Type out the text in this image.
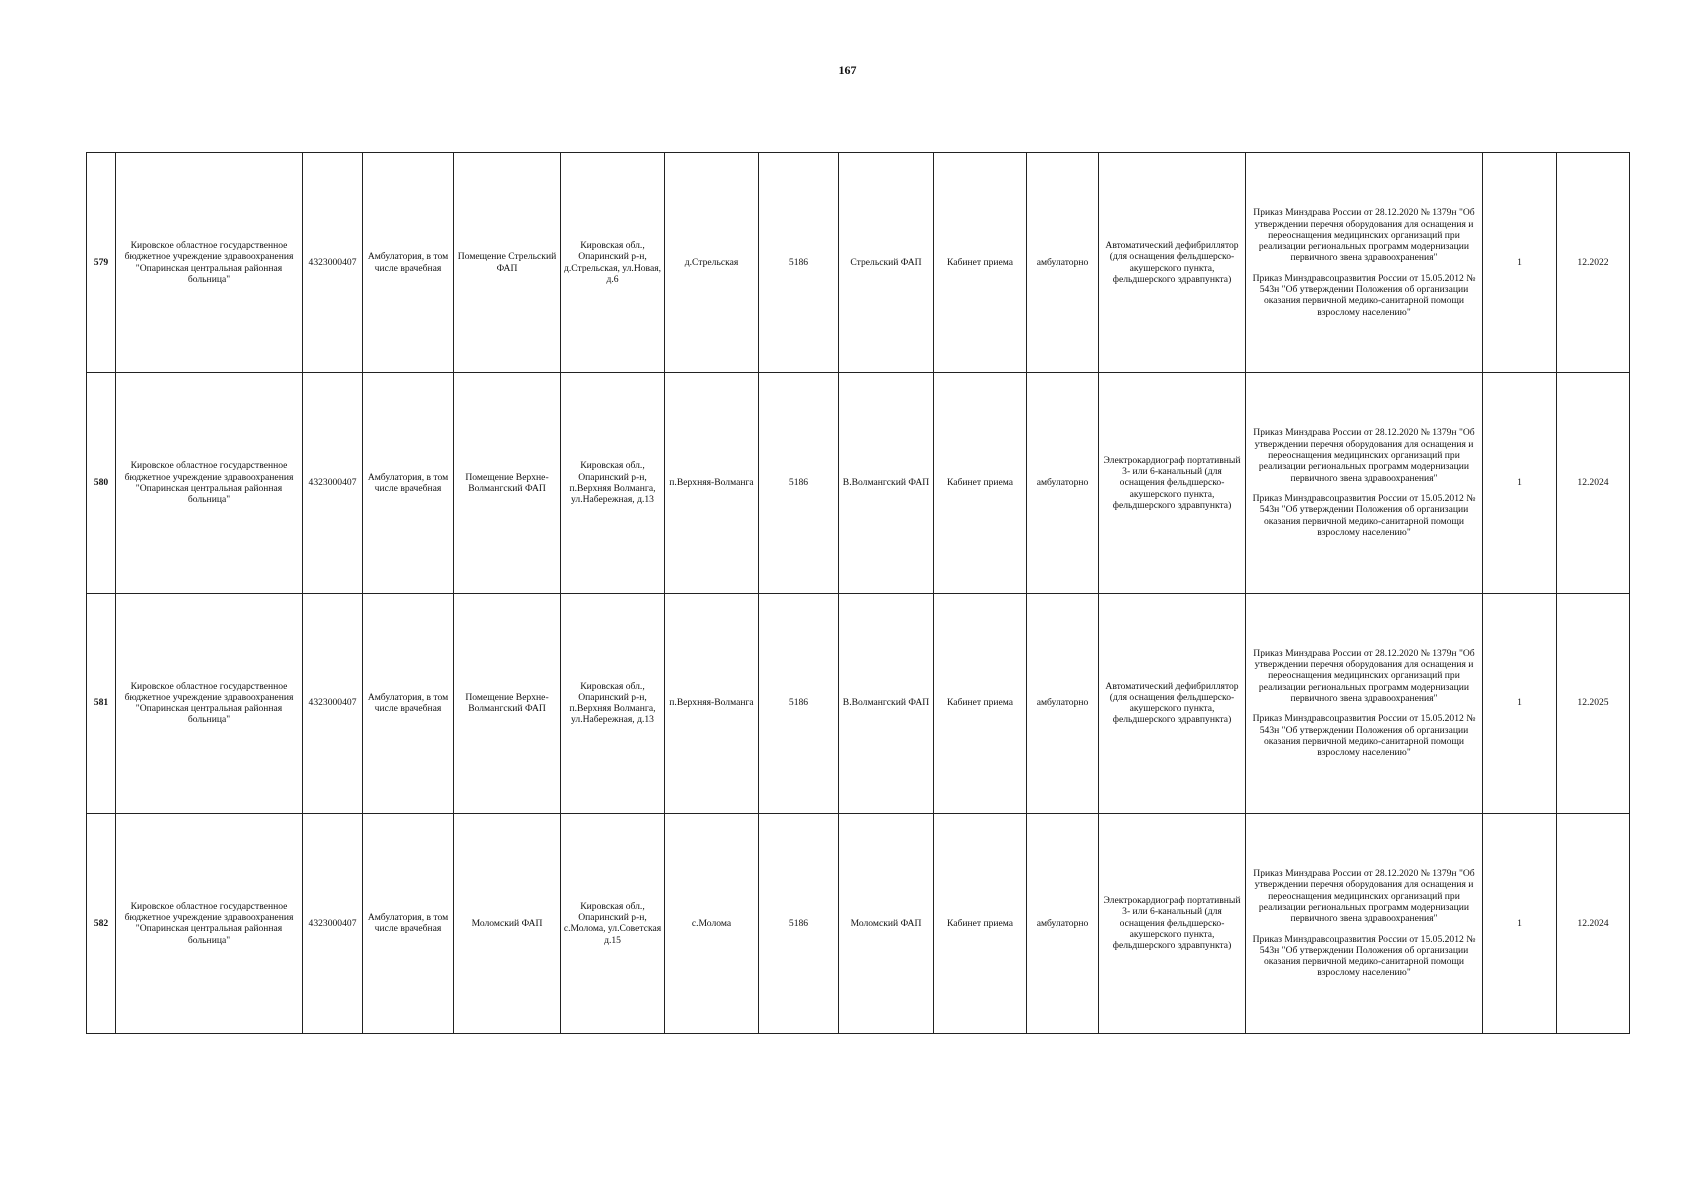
167
579	Кировское областное государственное бюджетное учреждение здравоохранения "Опаринская центральная районная больница"	4323000407	Амбулатория, в том числе врачебная	Помещение Стрельский ФАП	Кировская обл., Опаринский р-н, д.Стрельская, ул.Новая, д.6	д.Стрельская	5186	Стрельский ФАП	Кабинет приема	амбулаторно	Автоматический дефибриллятор (для оснащения фельдшерско-акушерского пункта, фельдшерского здравпункта)	Приказ Минздрава России от 28.12.2020 № 1379н "Об утверждении перечня оборудования для оснащения и переоснащения медицинских организаций при реализации региональных программ модернизации первичного звена здравоохранения"
Приказ Минздравсоцразвития России от 15.05.2012 № 543н "Об утверждении Положения об организации оказания первичной медико-санитарной помощи взрослому населению"	1	12.2022
580	Кировское областное государственное бюджетное учреждение здравоохранения "Опаринская центральная районная больница"	4323000407	Амбулатория, в том числе врачебная	Помещение Верхне-Волмангский ФАП	Кировская обл., Опаринский р-н, п.Верхняя Волманга, ул.Набережная, д.13	п.Верхняя-Волманга	5186	В.Волмангский ФАП	Кабинет приема	амбулаторно	Электрокардиограф портативный 3- или 6-канальный (для оснащения фельдшерско-акушерского пункта, фельдшерского здравпункта)	Приказ Минздрава России от 28.12.2020 № 1379н "Об утверждении перечня оборудования для оснащения и переоснащения медицинских организаций при реализации региональных программ модернизации первичного звена здравоохранения"
Приказ Минздравсоцразвития России от 15.05.2012 № 543н "Об утверждении Положения об организации оказания первичной медико-санитарной помощи взрослому населению"	1	12.2024
581	Кировское областное государственное бюджетное учреждение здравоохранения "Опаринская центральная районная больница"	4323000407	Амбулатория, в том числе врачебная	Помещение Верхне-Волмангский ФАП	Кировская обл., Опаринский р-н, п.Верхняя Волманга, ул.Набережная, д.13	п.Верхняя-Волманга	5186	В.Волмангский ФАП	Кабинет приема	амбулаторно	Автоматический дефибриллятор (для оснащения фельдшерско-акушерского пункта, фельдшерского здравпункта)	Приказ Минздрава России от 28.12.2020 № 1379н "Об утверждении перечня оборудования для оснащения и переоснащения медицинских организаций при реализации региональных программ модернизации первичного звена здравоохранения"
Приказ Минздравсоцразвития России от 15.05.2012 № 543н "Об утверждении Положения об организации оказания первичной медико-санитарной помощи взрослому населению"	1	12.2025
582	Кировское областное государственное бюджетное учреждение здравоохранения "Опаринская центральная районная больница"	4323000407	Амбулатория, в том числе врачебная	Моломский ФАП	Кировская обл., Опаринский р-н, с.Молома, ул.Советская д.15	с.Молома	5186	Моломский ФАП	Кабинет приема	амбулаторно	Электрокардиограф портативный 3- или 6-канальный (для оснащения фельдшерско-акушерского пункта, фельдшерского здравпункта)	Приказ Минздрава России от 28.12.2020 № 1379н "Об утверждении перечня оборудования для оснащения и переоснащения медицинских организаций при реализации региональных программ модернизации первичного звена здравоохранения"
Приказ Минздравсоцразвития России от 15.05.2012 № 543н "Об утверждении Положения об организации оказания первичной медико-санитарной помощи взрослому населению"	1	12.2024
